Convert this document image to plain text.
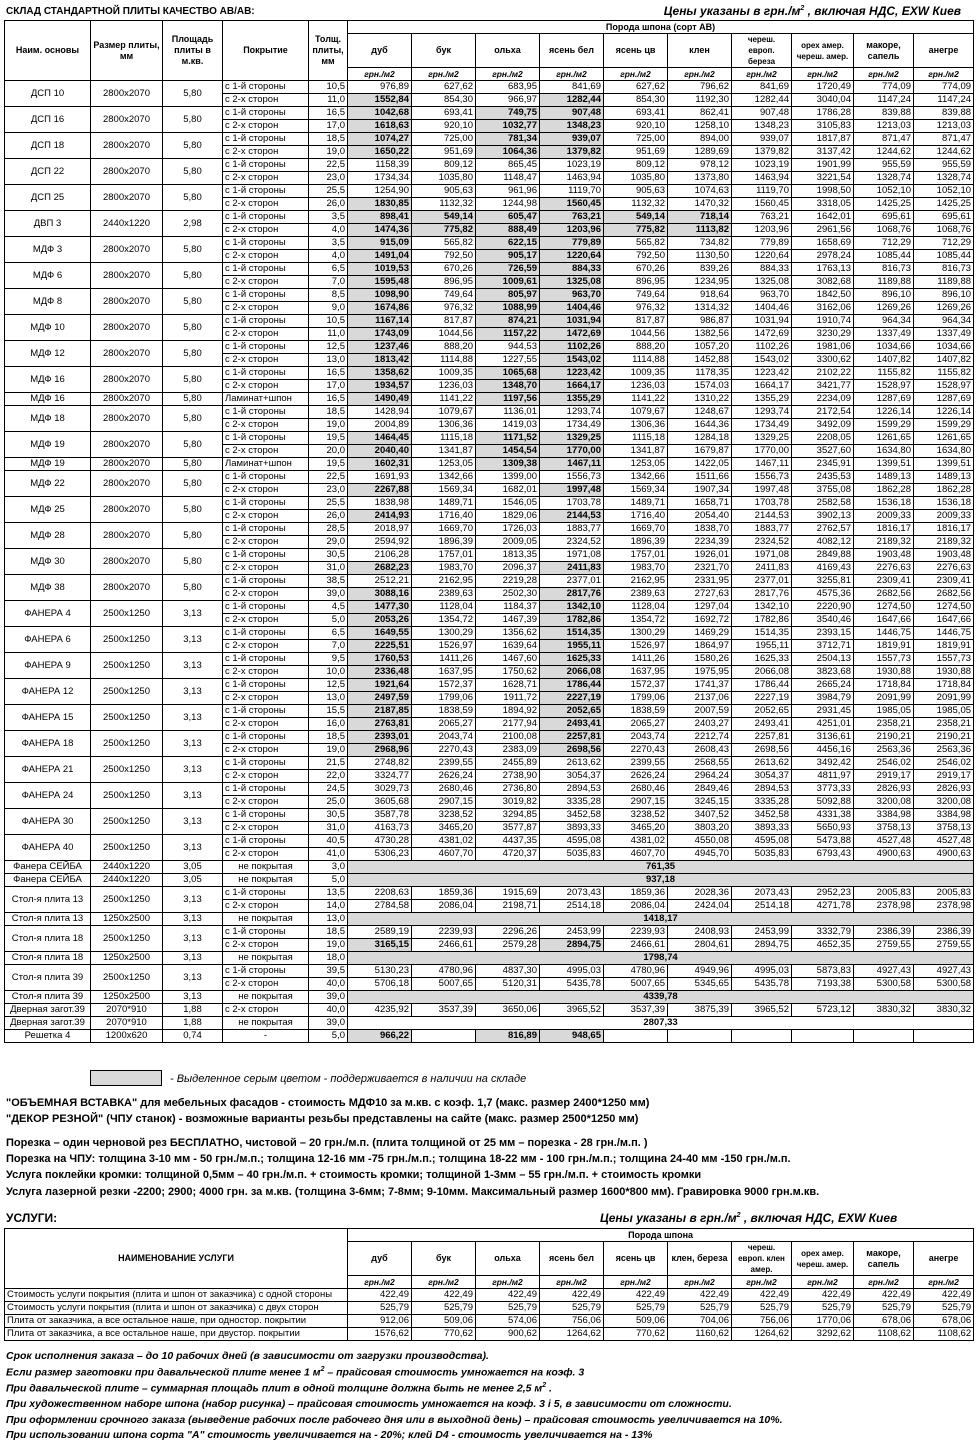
СКЛАД СТАНДАРТНОЙ ПЛИТЫ КАЧЕСТВО АВ/АВ:	Цены указаны в $грн./м^2$ , включая НДС, EXW Киев
Наим. основы	Размер плиты, мм	Площадь плиты в м.кв.	Покрытие	Толщ. плиты, мм	Порода шпона (сорт АВ)									
					дуб	бук	ольха	ясень бел	ясень цв	клен	череш. европ. береза	орех амер. череш. амер.	макоре, сапель	анегре
					грн./м2	грн./м2	грн./м2	грн./м2	грн./м2	грн./м2	грн./м2	грн./м2	грн./м2	грн./м2
ДСП 10	2800x2070	5,80	с 1-й стороны	10,5	976,89	627,62	683,95	841,69	627,62	796,62	841,69	1720,49	774,09	774,09
			с 2-х сторон	11,0	1552,84	854,30	966,97	1282,44	854,30	1192,30	1282,44	3040,04	1147,24	1147,24
ДСП 16	2800x2070	5,80	с 1-й стороны	16,5	1042,68	693,41	749,75	907,48	693,41	862,41	907,48	1786,28	839,88	839,88
			с 2-х сторон	17,0	1618,63	920,10	1032,77	1348,23	920,10	1258,10	1348,23	3105,83	1213,03	1213,03
ДСП 18	2800x2070	5,80	с 1-й стороны	18,5	1074,27	725,00	781,34	939,07	725,00	894,00	939,07	1817,87	871,47	871,47
			с 2-х сторон	19,0	1650,22	951,69	1064,36	1379,82	951,69	1289,69	1379,82	3137,42	1244,62	1244,62
ДСП 22	2800x2070	5,80	с 1-й стороны	22,5	1158,39	809,12	865,45	1023,19	809,12	978,12	1023,19	1901,99	955,59	955,59
			с 2-х сторон	23,0	1734,34	1035,80	1148,47	1463,94	1035,80	1373,80	1463,94	3221,54	1328,74	1328,74
ДСП 25	2800x2070	5,80	с 1-й стороны	25,5	1254,90	905,63	961,96	1119,70	905,63	1074,63	1119,70	1998,50	1052,10	1052,10
			с 2-х сторон	26,0	1830,85	1132,32	1244,98	1560,45	1132,32	1470,32	1560,45	3318,05	1425,25	1425,25
ДВП 3	2440x1220	2,98	с 1-й стороны	3,5	898,41	549,14	605,47	763,21	549,14	718,14	763,21	1642,01	695,61	695,61
			с 2-х сторон	4,0	1474,36	775,82	888,49	1203,96	775,82	1113,82	1203,96	2961,56	1068,76	1068,76
МДФ 3	2800x2070	5,80	с 1-й стороны	3,5	915,09	565,82	622,15	779,89	565,82	734,82	779,89	1658,69	712,29	712,29
			с 2-х сторон	4,0	1491,04	792,50	905,17	1220,64	792,50	1130,50	1220,64	2978,24	1085,44	1085,44
МДФ 6	2800x2070	5,80	с 1-й стороны	6,5	1019,53	670,26	726,59	884,33	670,26	839,26	884,33	1763,13	816,73	816,73
			с 2-х сторон	7,0	1595,48	896,95	1009,61	1325,08	896,95	1234,95	1325,08	3082,68	1189,88	1189,88
МДФ 8	2800x2070	5,80	с 1-й стороны	8,5	1098,90	749,64	805,97	963,70	749,64	918,64	963,70	1842,50	896,10	896,10
			с 2-х сторон	9,0	1674,86	976,32	1088,99	1404,46	976,32	1314,32	1404,46	3162,06	1269,26	1269,26
МДФ 10	2800x2070	5,80	с 1-й стороны	10,5	1167,14	817,87	874,21	1031,94	817,87	986,87	1031,94	1910,74	964,34	964,34
			с 2-х сторон	11,0	1743,09	1044,56	1157,22	1472,69	1044,56	1382,56	1472,69	3230,29	1337,49	1337,49
МДФ 12	2800x2070	5,80	с 1-й стороны	12,5	1237,46	888,20	944,53	1102,26	888,20	1057,20	1102,26	1981,06	1034,66	1034,66
			с 2-х сторон	13,0	1813,42	1114,88	1227,55	1543,02	1114,88	1452,88	1543,02	3300,62	1407,82	1407,82
МДФ 16	2800x2070	5,80	с 1-й стороны	16,5	1358,62	1009,35	1065,68	1223,42	1009,35	1178,35	1223,42	2102,22	1155,82	1155,82
			с 2-х сторон	17,0	1934,57	1236,03	1348,70	1664,17	1236,03	1574,03	1664,17	3421,77	1528,97	1528,97
МДФ 16	2800x2070	5,80	Ламинат+шпон	16,5	1490,49	1141,22	1197,56	1355,29	1141,22	1310,22	1355,29	2234,09	1287,69	1287,69
МДФ 18	2800x2070	5,80	с 1-й стороны	18,5	1428,94	1079,67	1136,01	1293,74	1079,67	1248,67	1293,74	2172,54	1226,14	1226,14
			с 2-х сторон	19,0	2004,89	1306,36	1419,03	1734,49	1306,36	1644,36	1734,49	3492,09	1599,29	1599,29
МДФ 19	2800x2070	5,80	с 1-й стороны	19,5	1464,45	1115,18	1171,52	1329,25	1115,18	1284,18	1329,25	2208,05	1261,65	1261,65
			с 2-х сторон	20,0	2040,40	1341,87	1454,54	1770,00	1341,87	1679,87	1770,00	3527,60	1634,80	1634,80
МДФ 19	2800x2070	5,80	Ламинат+шпон	19,5	1602,31	1253,05	1309,38	1467,11	1253,05	1422,05	1467,11	2345,91	1399,51	1399,51
МДФ 22	2800x2070	5,80	с 1-й стороны	22,5	1691,93	1342,66	1399,00	1556,73	1342,66	1511,66	1556,73	2435,53	1489,13	1489,13
			с 2-х сторон	23,0	2267,88	1569,34	1682,01	1997,48	1569,34	1907,34	1997,48	3755,08	1862,28	1862,28
МДФ 25	2800x2070	5,80	с 1-й стороны	25,5	1838,98	1489,71	1546,05	1703,78	1489,71	1658,71	1703,78	2582,58	1536,18	1536,18
			с 2-х сторон	26,0	2414,93	1716,40	1829,06	2144,53	1716,40	2054,40	2144,53	3902,13	2009,33	2009,33
МДФ 28	2800x2070	5,80	с 1-й стороны	28,5	2018,97	1669,70	1726,03	1883,77	1669,70	1838,70	1883,77	2762,57	1816,17	1816,17
			с 2-х сторон	29,0	2594,92	1896,39	2009,05	2324,52	1896,39	2234,39	2324,52	4082,12	2189,32	2189,32
МДФ 30	2800x2070	5,80	с 1-й стороны	30,5	2106,28	1757,01	1813,35	1971,08	1757,01	1926,01	1971,08	2849,88	1903,48	1903,48
			с 2-х сторон	31,0	2682,23	1983,70	2096,37	2411,83	1983,70	2321,70	2411,83	4169,43	2276,63	2276,63
МДФ 38	2800x2070	5,80	с 1-й стороны	38,5	2512,21	2162,95	2219,28	2377,01	2162,95	2331,95	2377,01	3255,81	2309,41	2309,41
			с 2-х сторон	39,0	3088,16	2389,63	2502,30	2817,76	2389,63	2727,63	2817,76	4575,36	2682,56	2682,56
ФАНЕРА 4	2500x1250	3,13	с 1-й стороны	4,5	1477,30	1128,04	1184,37	1342,10	1128,04	1297,04	1342,10	2220,90	1274,50	1274,50
			с 2-х сторон	5,0	2053,26	1354,72	1467,39	1782,86	1354,72	1692,72	1782,86	3540,46	1647,66	1647,66
ФАНЕРА 6	2500x1250	3,13	с 1-й стороны	6,5	1649,55	1300,29	1356,62	1514,35	1300,29	1469,29	1514,35	2393,15	1446,75	1446,75
			с 2-х сторон	7,0	2225,51	1526,97	1639,64	1955,11	1526,97	1864,97	1955,11	3712,71	1819,91	1819,91
ФАНЕРА 9	2500x1250	3,13	с 1-й стороны	9,5	1760,53	1411,26	1467,60	1625,33	1411,26	1580,26	1625,33	2504,13	1557,73	1557,73
			с 2-х сторон	10,0	2336,48	1637,95	1750,62	2066,08	1637,95	1975,95	2066,08	3823,68	1930,88	1930,88
ФАНЕРА 12	2500x1250	3,13	с 1-й стороны	12,5	1921,64	1572,37	1628,71	1786,44	1572,37	1741,37	1786,44	2665,24	1718,84	1718,84
			с 2-х сторон	13,0	2497,59	1799,06	1911,72	2227,19	1799,06	2137,06	2227,19	3984,79	2091,99	2091,99
ФАНЕРА 15	2500x1250	3,13	с 1-й стороны	15,5	2187,85	1838,59	1894,92	2052,65	1838,59	2007,59	2052,65	2931,45	1985,05	1985,05
			с 2-х сторон	16,0	2763,81	2065,27	2177,94	2493,41	2065,27	2403,27	2493,41	4251,01	2358,21	2358,21
ФАНЕРА 18	2500x1250	3,13	с 1-й стороны	18,5	2393,01	2043,74	2100,08	2257,81	2043,74	2212,74	2257,81	3136,61	2190,21	2190,21
			с 2-х сторон	19,0	2968,96	2270,43	2383,09	2698,56	2270,43	2608,43	2698,56	4456,16	2563,36	2563,36
ФАНЕРА 21	2500x1250	3,13	с 1-й стороны	21,5	2748,82	2399,55	2455,89	2613,62	2399,55	2568,55	2613,62	3492,42	2546,02	2546,02
			с 2-х сторон	22,0	3324,77	2626,24	2738,90	3054,37	2626,24	2964,24	3054,37	4811,97	2919,17	2919,17
ФАНЕРА 24	2500x1250	3,13	с 1-й стороны	24,5	3029,73	2680,46	2736,80	2894,53	2680,46	2849,46	2894,53	3773,33	2826,93	2826,93
			с 2-х сторон	25,0	3605,68	2907,15	3019,82	3335,28	2907,15	3245,15	3335,28	5092,88	3200,08	3200,08
ФАНЕРА 30	2500x1250	3,13	с 1-й стороны	30,5	3587,78	3238,52	3294,85	3452,58	3238,52	3407,52	3452,58	4331,38	3384,98	3384,98
			с 2-х сторон	31,0	4163,73	3465,20	3577,87	3893,33	3465,20	3803,20	3893,33	5650,93	3758,13	3758,13
ФАНЕРА 40	2500x1250	3,13	с 1-й стороны	40,5	4730,28	4381,02	4437,35	4595,08	4381,02	4550,08	4595,08	5473,88	4527,48	4527,48
			с 2-х сторон	41,0	5306,23	4607,70	4720,37	5035,83	4607,70	4945,70	5035,83	6793,43	4900,63	4900,63
Фанера СЕЙБА	2440x1220	3,05	не покрытая	3,0	761,35									
Фанера СЕЙБА	2440x1220	3,05	не покрытая	5,0	937,18									
Стол-я плита 13	2500x1250	3,13	с 1-й стороны	13,5	2208,63	1859,36	1915,69	2073,43	1859,36	2028,36	2073,43	2952,23	2005,83	2005,83
			с 2-х сторон	14,0	2784,58	2086,04	2198,71	2514,18	2086,04	2424,04	2514,18	4271,78	2378,98	2378,98
Стол-я плита 13	1250x2500	3,13	не покрытая	13,0	1418,17									
Стол-я плита 18	2500x1250	3,13	с 1-й стороны	18,5	2589,19	2239,93	2296,26	2453,99	2239,93	2408,93	2453,99	3332,79	2386,39	2386,39
			с 2-х сторон	19,0	3165,15	2466,61	2579,28	2894,75	2466,61	2804,61	2894,75	4652,35	2759,55	2759,55
Стол-я плита 18	1250x2500	3,13	не покрытая	18,0	1798,74									
Стол-я плита 39	2500x1250	3,13	с 1-й стороны	39,5	5130,23	4780,96	4837,30	4995,03	4780,96	4949,96	4995,03	5873,83	4927,43	4927,43
			с 2-х сторон	40,0	5706,18	5007,65	5120,31	5435,78	5007,65	5345,65	5435,78	7193,38	5300,58	5300,58
Стол-я плита 39	1250x2500	3,13	не покрытая	39,0	4339,78									
Дверная загот.39	2070*910	1,88	с 2-х сторон	40,0	4235,92	3537,39	3650,06	3965,52	3537,39	3875,39	3965,52	5723,12	3830,32	3830,32
Дверная загот.39	2070*910	1,88	не покрытая	39,0	2807,33									
Решетка 4	1200x620	0,74	-	5,0	966,22		816,89	948,65						
- Выделенное серым цветом - поддерживается в наличии на складе
"ОБЪЕМНАЯ ВСТАВКА" для мебельных фасадов - стоимость МДФ10 за м.кв. с коэф. 1,7 (макс. размер 2400*1250 мм)
"ДЕКОР РЕЗНОЙ" (ЧПУ станок) - возможные варианты резьбы представлены на сайте (макс. размер 2500*1250 мм)
Порезка – один черновой рез БЕСПЛАТНО, чистовой – 20 грн./м.п. (плита толщиной от 25 мм – порезка - 28 грн./м.п. )
Порезка на ЧПУ: толщина 3-10 мм - 50 грн./м.п.; толщина 12-16 мм -75 грн./м.п.; толщина 18-22 мм - 100 грн./м.п.; толщина 24-40 мм -150 грн./м.п.
Услуга поклейки кромки: толщиной 0,5мм – 40 грн./м.п. + стоимость кромки; толщиной 1-3мм – 55 грн./м.п. + стоимость кромки
Услуга лазерной резки -2200; 2900; 4000 грн. за м.кв. (толщина 3-6мм; 7-8мм; 9-10мм. Максимальный размер 1600*800 мм). Гравировка 9000 грн.м.кв.
УСЛУГИ:	Цены указаны в $грн./м^2$ , включая НДС, EXW Киев
НАИМЕНОВАНИЕ УСЛУГИ	Порода шпона									
	дуб	бук	ольха	ясень бел	ясень цв	клен, береза	череш. европ. клен амер.	орех амер. череш. амер.	макоре, сапель	анегре
	грн./м2	грн./м2	грн./м2	грн./м2	грн./м2	грн./м2	грн./м2	грн./м2	грн./м2	грн./м2
Стоимость услуги покрытия (плита и шпон от заказчика) с одной стороны	422,49	422,49	422,49	422,49	422,49	422,49	422,49	422,49	422,49	422,49
Стоимость услуги покрытия (плита и шпон от заказчика) с двух сторон	525,79	525,79	525,79	525,79	525,79	525,79	525,79	525,79	525,79	525,79
Плита от заказчика, а все остальное наше, при одностор. покрытии	912,06	509,06	574,06	756,06	509,06	704,06	756,06	1770,06	678,06	678,06
Плита от заказчика, а все остальное наше, при двустор. покрытии	1576,62	770,62	900,62	1264,62	770,62	1160,62	1264,62	3292,62	1108,62	1108,62
Срок исполнения заказа – до 10 рабочих дней (в зависимости от загрузки производства).
Если размер заготовки при давальческой плите менее 1 $м^2$ – прайсовая стоимость умножается на коэф. 3
При давальческой плите – суммарная площадь плит в одной толщине должна быть не менее 2,5 $м^2$ .
При художественном наборе шпона (набор рисунка) – прайсовая стоимость умножается на коэф. 3 і 5, в зависимости от сложности.
При оформлении срочного заказа (выведение рабочих после рабочего дня или в выходной день) – прайсовая стоимость увеличивается на 10%.
При использовании шпона сорта "А" стоимость увеличивается на - 20%; клей D4 - стоимость увеличивается на - 13%
